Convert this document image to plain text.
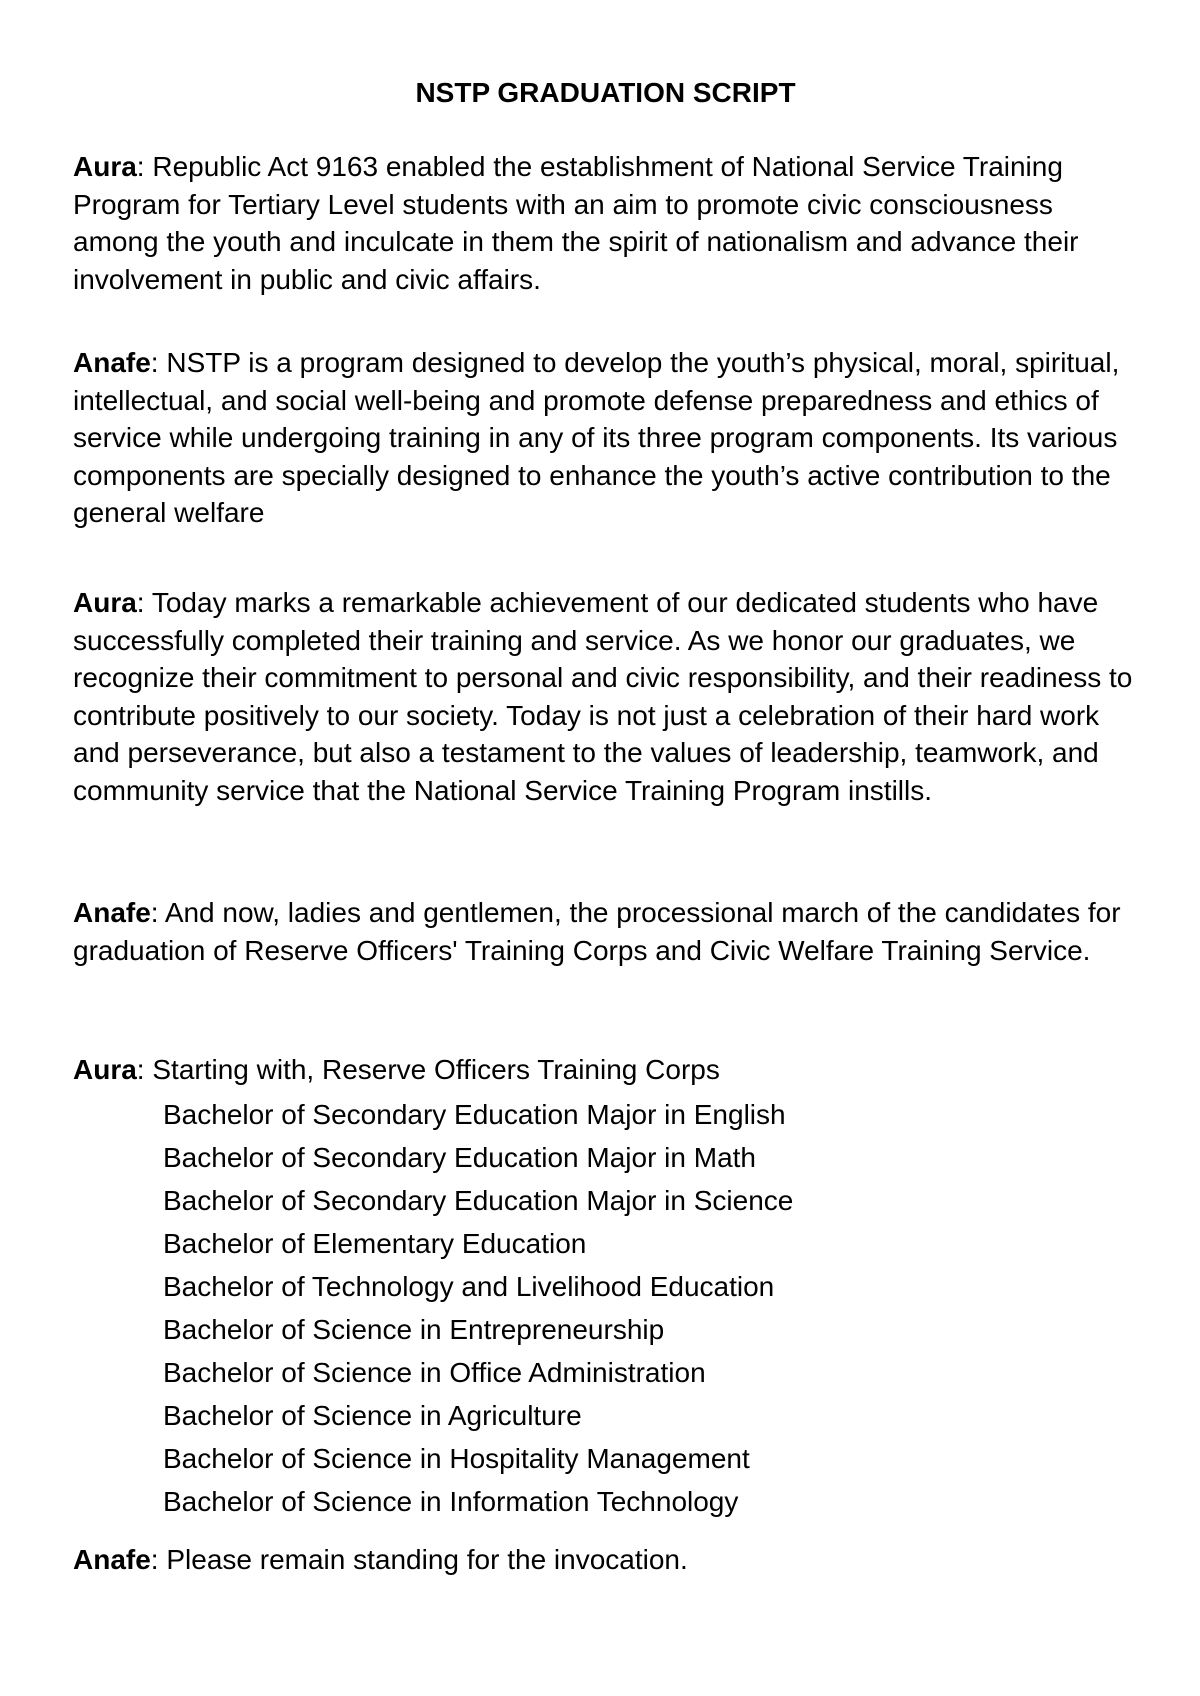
NSTP GRADUATION SCRIPT

Aura: Republic Act 9163 enabled the establishment of National Service Training Program for Tertiary Level students with an aim to promote civic consciousness among the youth and inculcate in them the spirit of nationalism and advance their involvement in public and civic affairs.

Anafe: NSTP is a program designed to develop the youth’s physical, moral, spiritual, intellectual, and social well-being and promote defense preparedness and ethics of service while undergoing training in any of its three program components. Its various components are specially designed to enhance the youth’s active contribution to the general welfare

Aura: Today marks a remarkable achievement of our dedicated students who have successfully completed their training and service. As we honor our graduates, we recognize their commitment to personal and civic responsibility, and their readiness to contribute positively to our society. Today is not just a celebration of their hard work and perseverance, but also a testament to the values of leadership, teamwork, and community service that the National Service Training Program instills.

Anafe: And now, ladies and gentlemen, the processional march of the candidates for graduation of Reserve Officers' Training Corps and Civic Welfare Training Service.

Aura: Starting with, Reserve Officers Training Corps

Bachelor of Secondary Education Major in English
Bachelor of Secondary Education Major in Math
Bachelor of Secondary Education Major in Science
Bachelor of Elementary Education
Bachelor of Technology and Livelihood Education
Bachelor of Science in Entrepreneurship
Bachelor of Science in Office Administration
Bachelor of Science in Agriculture
Bachelor of Science in Hospitality Management
Bachelor of Science in Information Technology

Anafe: Please remain standing for the invocation.
